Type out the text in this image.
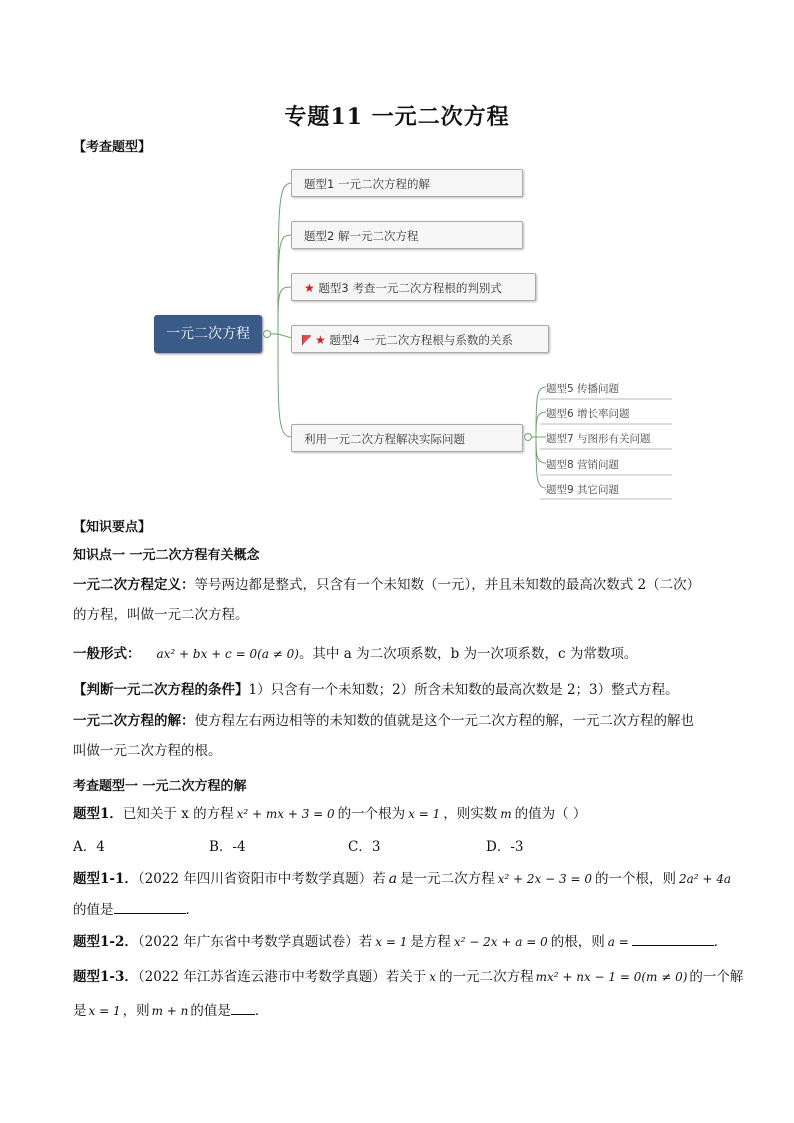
专题11 一元二次方程
【考查题型】
一元二次方程
题型1 一元二次方程的解
题型2 解一元二次方程
★ 题型3 考查一元二次方程根的判别式
★ 题型4 一元二次方程根与系数的关系
利用一元二次方程解决实际问题
题型5 传播问题
题型6 增长率问题
题型7 与图形有关问题
题型8 营销问题
题型9 其它问题
【知识要点】
知识点一 一元二次方程有关概念
一元二次方程定义：等号两边都是整式，只含有一个未知数（一元），并且未知数的最高次数式 2（二次）
的方程，叫做一元二次方程。
一般形式： ax² + bx + c = 0(a ≠ 0)。其中 a 为二次项系数，b 为一次项系数，c 为常数项。
【判断一元二次方程的条件】1）只含有一个未知数；2）所含未知数的最高次数是 2；3）整式方程。
一元二次方程的解：使方程左右两边相等的未知数的值就是这个一元二次方程的解，一元二次方程的解也
叫做一元二次方程的根。
考查题型一 一元二次方程的解
题型1．已知关于 x 的方程 x² + mx + 3 = 0 的一个根为 x = 1 ，则实数 m 的值为（ ）
A．4	B．-4	C．3	D．-3
题型1-1．（2022 年四川省资阳市中考数学真题）若 a 是一元二次方程 x² + 2x − 3 = 0 的一个根，则 2a² + 4a
的值是	．
题型1-2．（2022 年广东省中考数学真题试卷）若 x = 1 是方程 x² − 2x + a = 0 的根，则 a =	．
题型1-3．（2022 年江苏省连云港市中考数学真题）若关于 x 的一元二次方程 mx² + nx − 1 = 0(m ≠ 0) 的一个解
是 x = 1 ，则 m + n 的值是 ．
